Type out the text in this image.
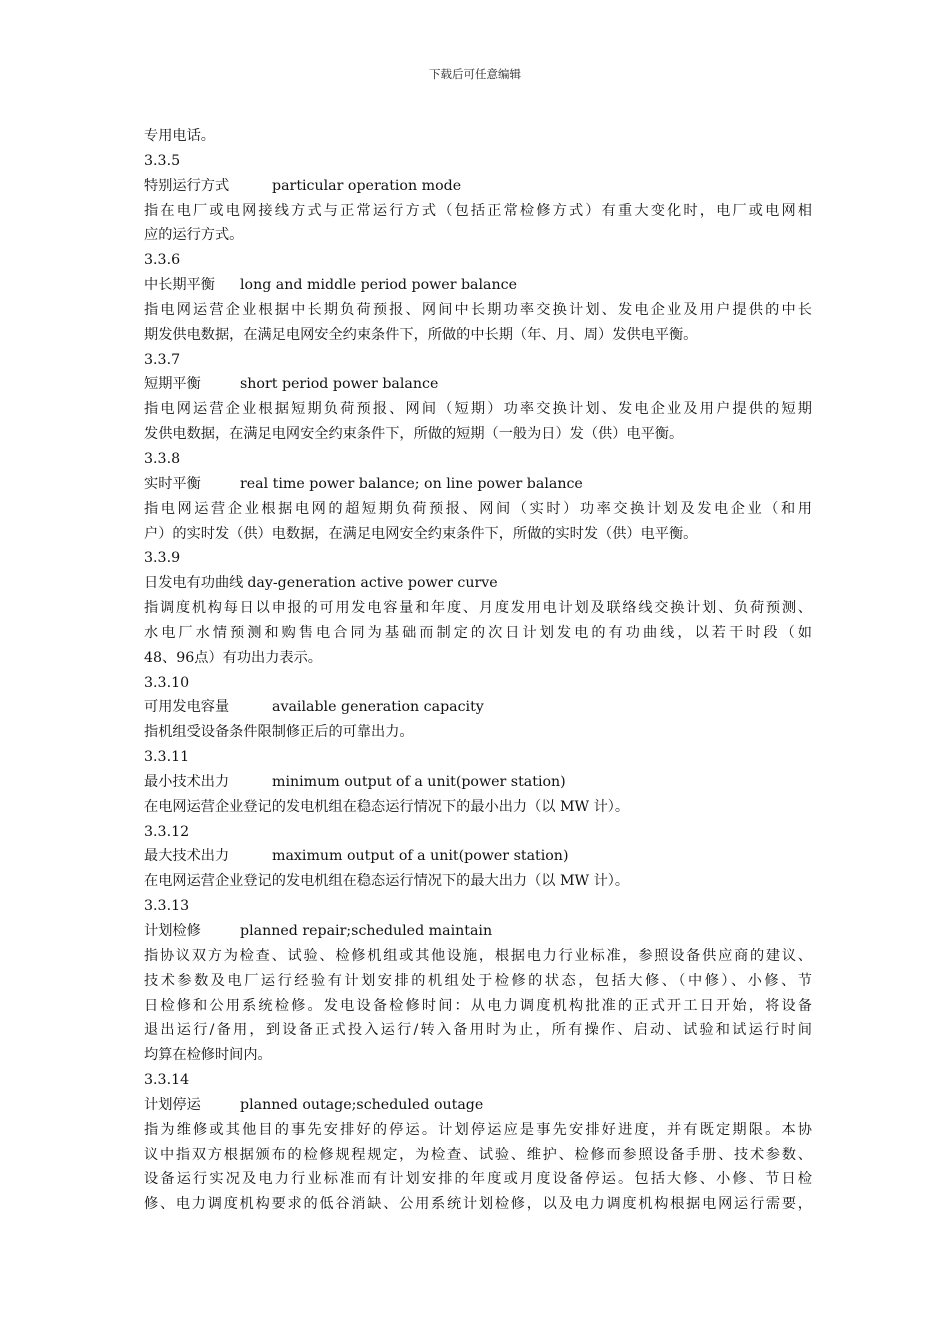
下载后可任意编辑
专用电话。
3.3.5
特别运行方式	particular operation mode
指在电厂或电网接线方式与正常运行方式（包括正常检修方式）有重大变化时，电厂或电网相
应的运行方式。
3.3.6
中长期平衡 long and middle period power balance
指电网运营企业根据中长期负荷预报、网间中长期功率交换计划、发电企业及用户提供的中长
期发供电数据，在满足电网安全约束条件下，所做的中长期（年、月、周）发供电平衡。
3.3.7
短期平衡	short period power balance
指电网运营企业根据短期负荷预报、网间（短期）功率交换计划、发电企业及用户提供的短期
发供电数据，在满足电网安全约束条件下，所做的短期（一般为日）发（供）电平衡。
3.3.8
实时平衡	real time power balance; on line power balance
指电网运营企业根据电网的超短期负荷预报、网间（实时）功率交换计划及发电企业（和用
户）的实时发（供）电数据，在满足电网安全约束条件下，所做的实时发（供）电平衡。
3.3.9
日发电有功曲线 day-generation active power curve
指调度机构每日以申报的可用发电容量和年度、月度发用电计划及联络线交换计划、负荷预测、
水电厂水情预测和购售电合同为基础而制定的次日计划发电的有功曲线，以若干时段（如
48、96点）有功出力表示。
3.3.10
可用发电容量	available generation capacity
指机组受设备条件限制修正后的可靠出力。
3.3.11
最小技术出力	minimum output of a unit(power station)
在电网运营企业登记的发电机组在稳态运行情况下的最小出力（以 MW 计）。
3.3.12
最大技术出力	maximum output of a unit(power station)
在电网运营企业登记的发电机组在稳态运行情况下的最大出力（以 MW 计）。
3.3.13
计划检修	planned repair;scheduled maintain
指协议双方为检查、试验、检修机组或其他设施，根据电力行业标准，参照设备供应商的建议、
技术参数及电厂运行经验有计划安排的机组处于检修的状态，包括大修、（中修）、小修、节
日检修和公用系统检修。发电设备检修时间：从电力调度机构批准的正式开工日开始，将设备
退出运行/备用，到设备正式投入运行/转入备用时为止，所有操作、启动、试验和试运行时间
均算在检修时间内。
3.3.14
计划停运	planned outage;scheduled outage
指为维修或其他目的事先安排好的停运。计划停运应是事先安排好进度，并有既定期限。本协
议中指双方根据颁布的检修规程规定，为检查、试验、维护、检修而参照设备手册、技术参数、
设备运行实况及电力行业标准而有计划安排的年度或月度设备停运。包括大修、小修、节日检
修、电力调度机构要求的低谷消缺、公用系统计划检修，以及电力调度机构根据电网运行需要，
